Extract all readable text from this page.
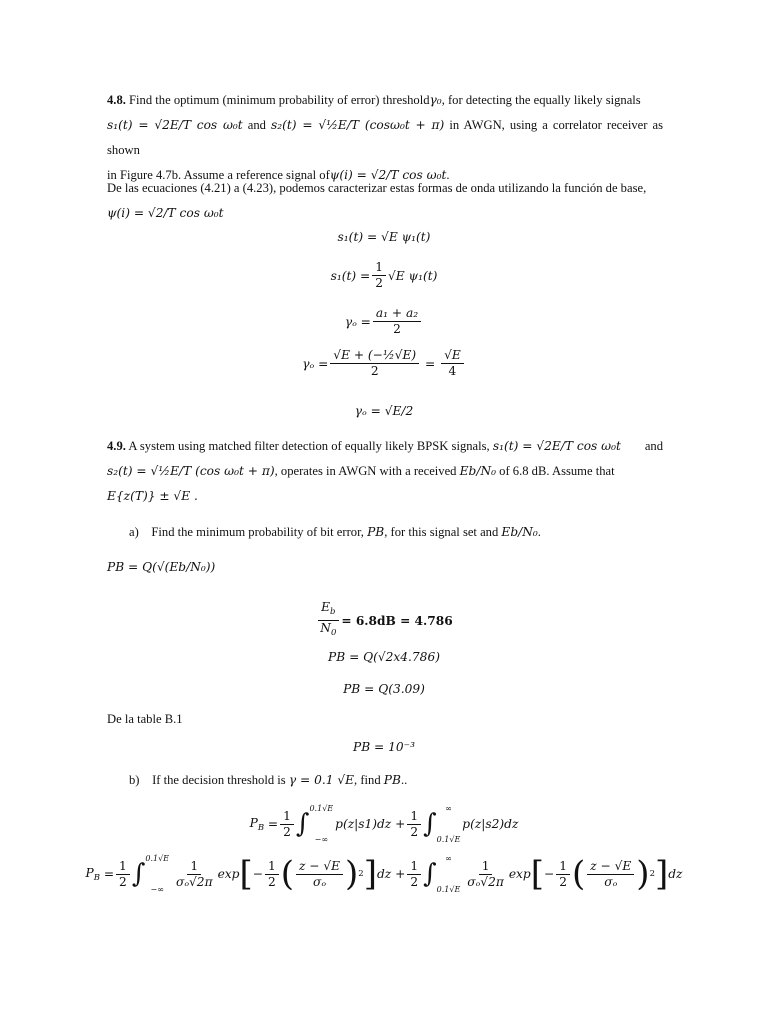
4.8. Find the optimum (minimum probability of error) thresholdγ₀, for detecting the equally likely signals
s₁(t) = √2E/T cos ω₀t and s₂(t) = √½E/T (cosω₀t + π) in AWGN, using a correlator receiver as shown
in Figure 4.7b. Assume a reference signal ofψ(i) = √2/T cos ω₀t.
De las ecuaciones (4.21) a (4.23), podemos caracterizar estas formas de onda utilizando la función de base,
ψ(i) = √2/T cos ω₀t
s₁(t) = √E ψ₁(t)
$s_1(t) = \frac{1}{2} √E$ ψ₁(t)
$\gamma_o = \frac{\text{a₁ + a₂}}{2}$
$\gamma_o = \frac{\text{√E + (−½√E)}}{2} = \frac{√E}{4}$
γₒ = √E/2
4.9. A system using matched filter detection of equally likely BPSK signals, s₁(t) = √2E/T cos ω₀t and

s₂(t) = √½E/T (cos ω₀t + π), operates in AWGN with a received Eb/N₀ of 6.8 dB. Assume that
E{z(T)} ± √E .
a) Find the minimum probability of bit error, PB, for this signal set and Eb/N₀.
PB = Q(√(Eb/N₀))
$\frac{E_b}{N_0} = 6.8dB = 4.786$
PB = Q(√2x4.786)
PB = Q(3.09)
De la table B.1
PB = 10⁻³
b) If the decision threshold is γ = 0.1 √E, find PB..
$P_B = \frac{1}{2}$ ∫
0.1√E
−∞
$p(z|s1)dz + \frac{1}{2}$ ∫
∞
0.1√E
p(z|s2)dz
$P_B = \frac{1}{2}$ ∫
0.1√E
−∞ $\frac{1}{\text{σₒ√2π}}$ exp [ − $\frac{1}{2}$ ( $\frac{z - √E}{\text{σₒ}}$ ) 2 ] dz + $\frac{1}{2}$ ∫
∞
$0.1√E \frac{1}{\text{σₒ√2π}}$ exp [ − $\frac{1}{2}$ ( $\frac{z - √E}{\text{σₒ}}$ ) 2 ] dz
